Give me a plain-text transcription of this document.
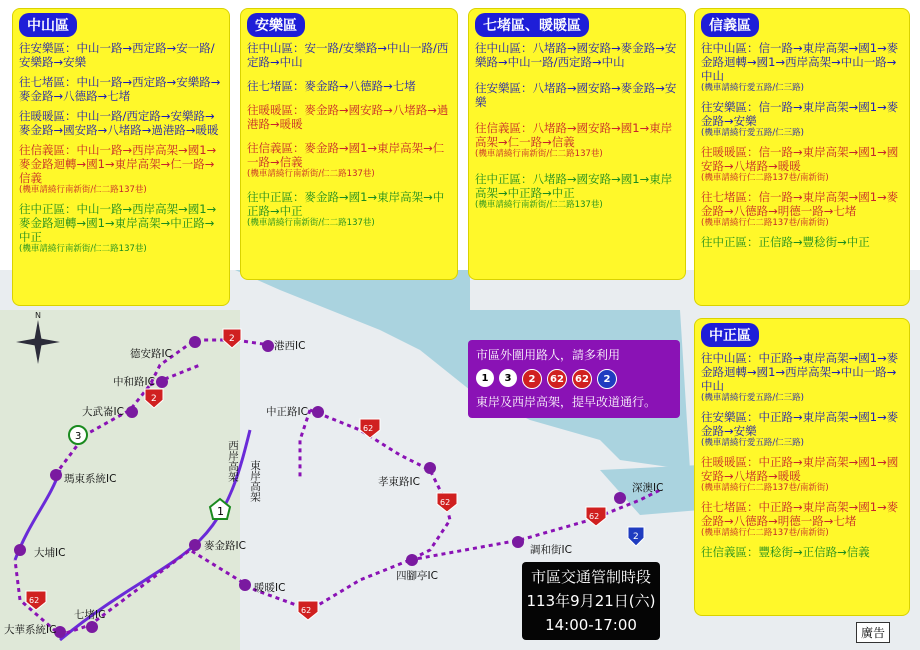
N
2
2
3
62
62
62
62
62
1
2
德安路IC
港西IC
中和路IC
大武崙IC	中正路IC
瑪東系統IC	孝東路IC	深澳IC
大埔IC
麥金路IC	調和街IC
四腳亭IC
暖暖IC
七堵IC
大華系統IC
西岸高架 東岸高架
中山區

往安樂區：中山一路→西定路→安一路/安樂路→安樂

往七堵區：中山一路→西定路→安樂路→麥金路→八德路→七堵

往暖暖區：中山一路/西定路→安樂路→麥金路→國安路→八堵路→過港路→暖暖

往信義區：中山一路→西岸高架→國1→麥金路迴轉→國1→東岸高架→仁一路→信義
(機車請繞行南新街/仁二路137巷)

往中正區：中山一路→西岸高架→國1→麥金路迴轉→國1→東岸高架→中正路→中正
(機車請繞行南新街/仁二路137巷)

安樂區

往中山區：安一路/安樂路→中山一路/西定路→中山

往七堵區：麥金路→八德路→七堵

往暖暖區：麥金路→國安路→八堵路→過港路→暖暖

往信義區：麥金路→國1→東岸高架→仁一路→信義
(機車請繞行南新街/仁二路137巷)

往中正區：麥金路→國1→東岸高架→中正路→中正
(機車請繞行南新街/仁二路137巷)

七堵區、暖暖區

往中山區：八堵路→國安路→麥金路→安樂路→中山一路/西定路→中山

往安樂區：八堵路→國安路→麥金路→安樂

往信義區：八堵路→國安路→國1→東岸高架→仁一路→信義
(機車請繞行南新街/仁二路137巷)

往中正區：八堵路→國安路→國1→東岸高架→中正路→中正
(機車請繞行南新街/仁二路137巷)

信義區

往中山區：信一路→東岸高架→國1→麥金路迴轉→國1→西岸高架→中山一路→中山
(機車請繞行愛五路/仁三路)

往安樂區：信一路→東岸高架→國1→麥金路→安樂
(機車請繞行愛五路/仁三路)

往暖暖區：信一路→東岸高架→國1→國安路→八堵路→暖暖
(機車請繞行仁二路137巷/南新街)

往七堵區：信一路→東岸高架→國1→麥金路→八德路→明德一路→七堵
(機車請繞行仁二路137巷/南新街)

往中正區：正信路→豐稔街→中正

中正區

往中山區：中正路→東岸高架→國1→麥金路迴轉→國1→西岸高架→中山一路→中山
(機車請繞行愛五路/仁三路)

往安樂區：中正路→東岸高架→國1→麥金路→安樂
(機車請繞行愛五路/仁三路)

往暖暖區：中正路→東岸高架→國1→國安路→八堵路→暖暖
(機車請繞行仁二路137巷/南新街)

往七堵區：中正路→東岸高架→國1→麥金路→八德路→明德一路→七堵
(機車請繞行仁二路137巷/南新街)

往信義區：豐稔街→正信路→信義

市區外圍用路人，請多利用
1	3	2	62	62	2
東岸及西岸高架，提早改道通行。
市區交通管制時段
113年9月21日(六)
14:00-17:00	廣告
